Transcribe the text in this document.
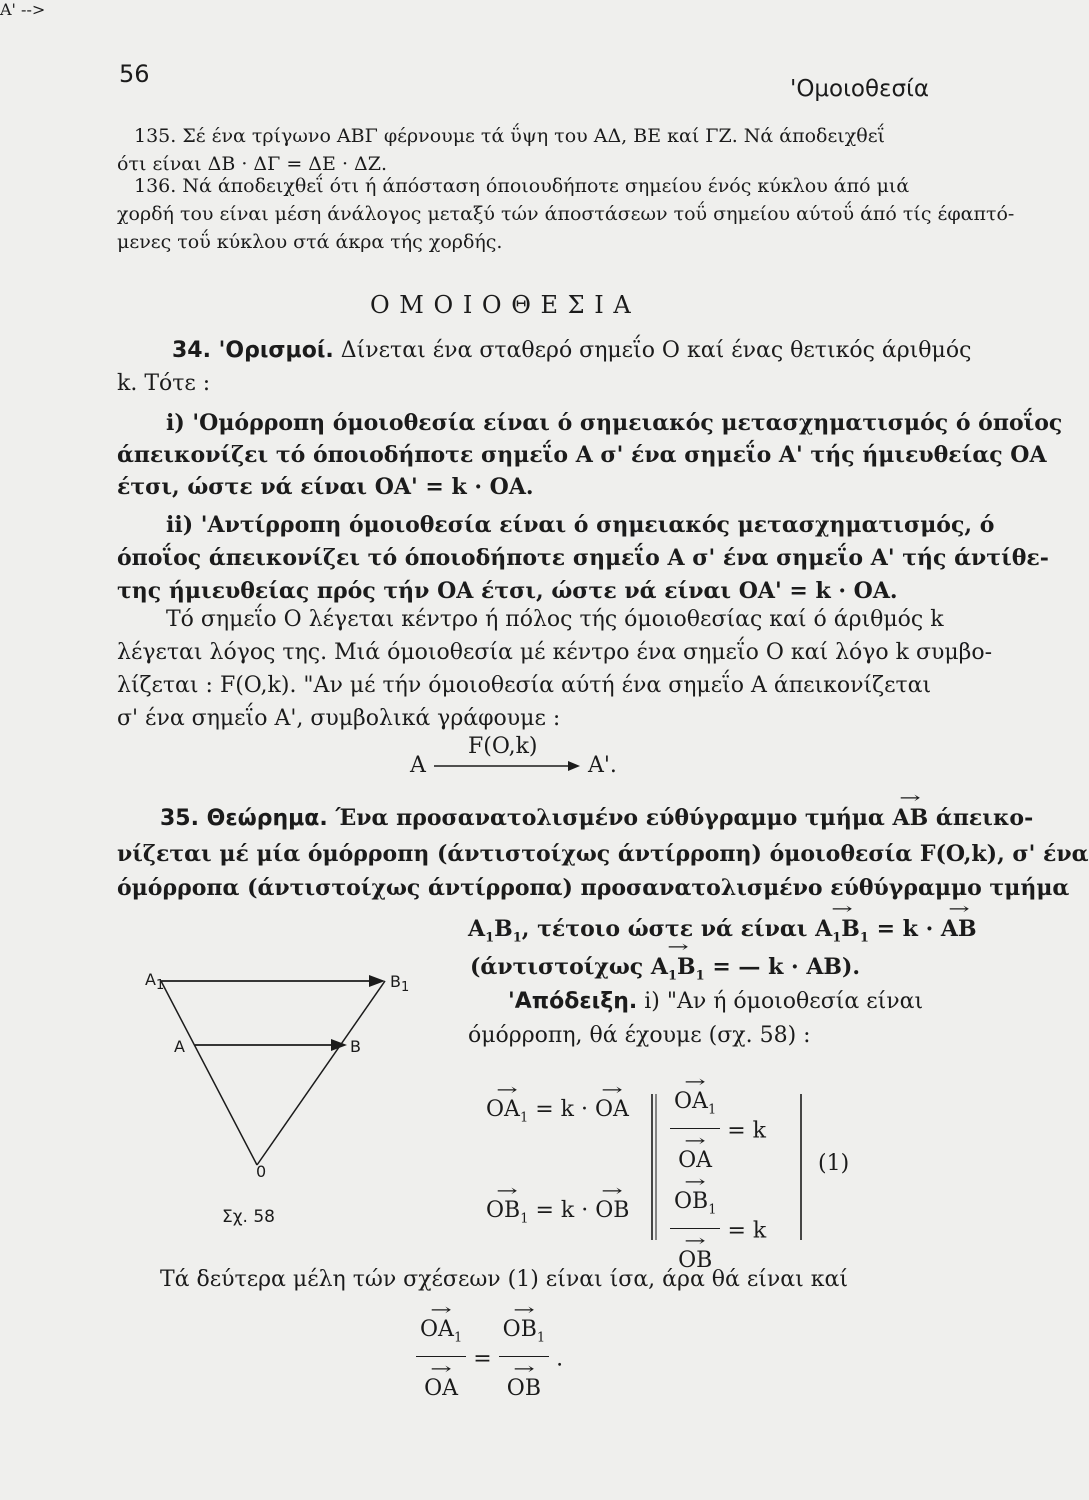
56
'Ομοιοθεσία
135. Σέ ένα τρίγωνο ΑΒΓ φέρνουμε τά ΰψη του ΑΔ, ΒΕ καί ΓΖ. Νά άποδειχθεΐ
ότι είναι ΔΒ · ΔΓ = ΔΕ · ΔΖ.
136. Νά άποδειχθεΐ ότι ή άπόσταση όποιουδήποτε σημείου ένός κύκλου άπό μιά
χορδή του είναι μέση άνάλογος μεταξύ τών άποστάσεων τοΰ σημείου αύτοΰ άπό τίς έφαπτό-
μενες τοΰ κύκλου στά άκρα τής χορδής.
Ο Μ Ο Ι Ο Θ Ε Σ Ι Α
34. 'Ορισμοί. Δίνεται ένα σταθερό σημεΐο Ο καί ένας θετικός άριθμός
k. Τότε :
i) 'Ομόρροπη όμοιοθεσία είναι ό σημειακός μετασχηματισμός ό όποΐος
άπεικονίζει τό όποιοδήποτε σημεΐο Α σ' ένα σημεΐο Α' τής ήμιευθείας ΟΑ
έτσι, ώστε νά είναι ΟΑ' = k · ΟΑ.
ii) 'Αντίρροπη όμοιοθεσία είναι ό σημειακός μετασχηματισμός, ό
όποΐος άπεικονίζει τό όποιοδήποτε σημεΐο Α σ' ένα σημεΐο Α' τής άντίθε-
της ήμιευθείας πρός τήν ΟΑ έτσι, ώστε νά είναι ΟΑ' = k · ΟΑ.
Τό σημεΐο Ο λέγεται κέντρο ή πόλος τής όμοιοθεσίας καί ό άριθμός k
λέγεται λόγος της. Μιά όμοιοθεσία μέ κέντρο ένα σημεΐο Ο καί λόγο k συμβο-
λίζεται : F(O,k). "Αν μέ τήν όμοιοθεσία αύτή ένα σημεΐο Α άπεικονίζεται
σ' ένα σημεΐο Α', συμβολικά γράφουμε :
A' -->
A
F(O,k)
A'.
35. Θεώρημα. Ένα προσανατολισμένο εύθύγραμμο τμήμα → AB άπεικο-
νίζεται μέ μία όμόρροπη (άντιστοίχως άντίρροπη) όμοιοθεσία F(O,k), σ' ένα
όμόρροπα (άντιστοίχως άντίρροπα) προσανατολισμένο εύθύγραμμο τμήμα
$A_1B_1$, τέτοιο ώστε νά $\varepsilon ί\nu\alpha\iota \to A_1B_1 = k$ · → AB
($ά\nu\tau\iota\sigma\tau oί\chi\omega\varsigma \to A_1B_1$ = — k · AB).
'Απόδειξη. i) "Αν ή όμοιοθεσία είναι
όμόρροπη, θά έχουμε (σχ. 58) :
→ $OA_1 = k$ · → OA
→ $OB_1 = k$ · → OB
→ $OA_1$
→ OA = k
→ $OB_1$
→ OB = k
(1)
$A_1$	$B_1$
A	B
0
Σχ. 58
Τά δεύτερα μέλη τών σχέσεων (1) είναι ίσα, άρα θά είναι καί
→ $OA_1$
→ OA = → $OB_1$
→ OB .
